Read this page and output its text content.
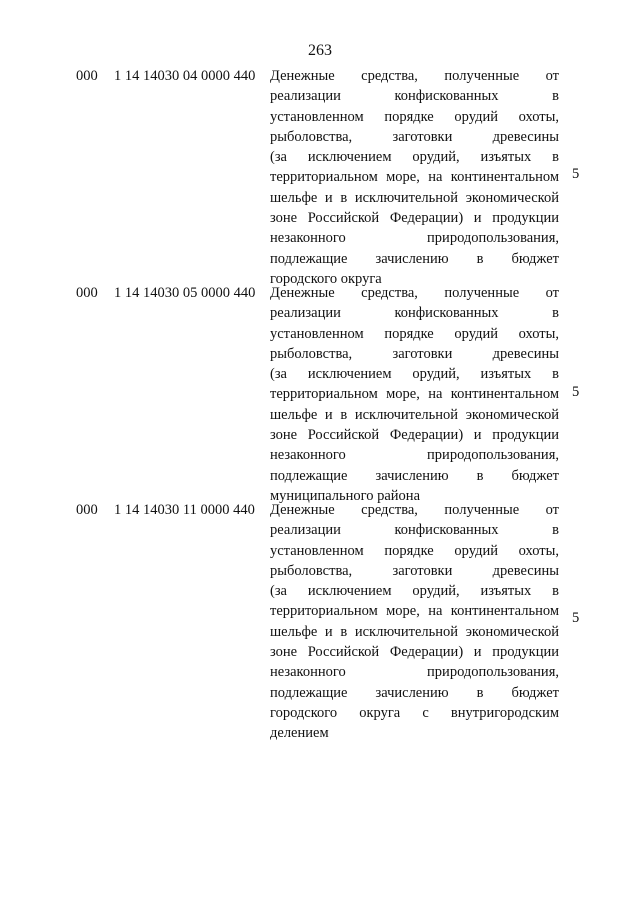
263
000 1 14 14030 04 0000 440 Денежные средства, полученные от
реализации конфискованных в
установленном порядке орудий охоты,
рыболовства, заготовки древесины
(за исключением орудий, изъятых в
территориальном море, на континентальном
шельфе и в исключительной экономической
зоне Российской Федерации) и продукции
незаконного природопользования,
подлежащие зачислению в бюджет
городского округа
5
000 1 14 14030 05 0000 440 Денежные средства, полученные от
реализации конфискованных в
установленном порядке орудий охоты,
рыболовства, заготовки древесины
(за исключением орудий, изъятых в
территориальном море, на континентальном
шельфе и в исключительной экономической
зоне Российской Федерации) и продукции
незаконного природопользования,
подлежащие зачислению в бюджет
муниципального района
5
000 1 14 14030 11 0000 440 Денежные средства, полученные от
реализации конфискованных в
установленном порядке орудий охоты,
рыболовства, заготовки древесины
(за исключением орудий, изъятых в
территориальном море, на континентальном
шельфе и в исключительной экономической
зоне Российской Федерации) и продукции
незаконного природопользования,
подлежащие зачислению в бюджет
городского округа с внутригородским
делением
5
